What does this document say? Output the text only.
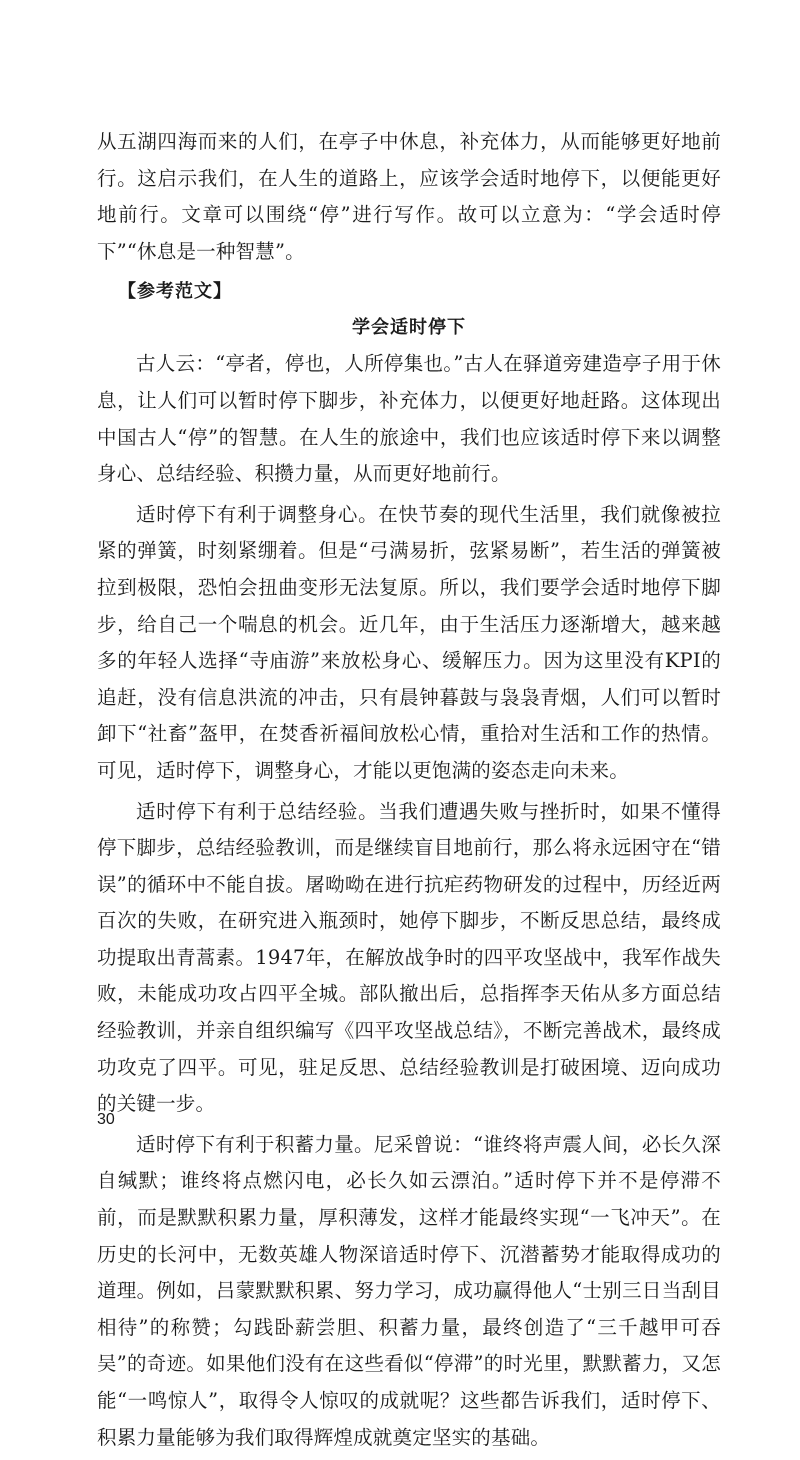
从五湖四海而来的人们，在亭子中休息，补充体力，从而能够更好地前行。这启示我们，在人生的道路上，应该学会适时地停下，以便能更好地前行。文章可以围绕“停”进行写作。故可以立意为：“学会适时停下”“休息是一种智慧”。

【参考范文】

学会适时停下

古人云：“亭者，停也，人所停集也。”古人在驿道旁建造亭子用于休息，让人们可以暂时停下脚步，补充体力，以便更好地赶路。这体现出中国古人“停”的智慧。在人生的旅途中，我们也应该适时停下来以调整身心、总结经验、积攒力量，从而更好地前行。

适时停下有利于调整身心。在快节奏的现代生活里，我们就像被拉紧的弹簧，时刻紧绷着。但是“弓满易折，弦紧易断”，若生活的弹簧被拉到极限，恐怕会扭曲变形无法复原。所以，我们要学会适时地停下脚步，给自己一个喘息的机会。近几年，由于生活压力逐渐增大，越来越多的年轻人选择“寺庙游”来放松身心、缓解压力。因为这里没有KPI的追赶，没有信息洪流的冲击，只有晨钟暮鼓与袅袅青烟，人们可以暂时卸下“社畜”盔甲，在焚香祈福间放松心情，重拾对生活和工作的热情。可见，适时停下，调整身心，才能以更饱满的姿态走向未来。

适时停下有利于总结经验。当我们遭遇失败与挫折时，如果不懂得停下脚步，总结经验教训，而是继续盲目地前行，那么将永远困守在“错误”的循环中不能自拔。屠呦呦在进行抗疟药物研发的过程中，历经近两百次的失败，在研究进入瓶颈时，她停下脚步，不断反思总结，最终成功提取出青蒿素。1947年，在解放战争时的四平攻坚战中，我军作战失败，未能成功攻占四平全城。部队撤出后，总指挥李天佑从多方面总结经验教训，并亲自组织编写《四平攻坚战总结》，不断完善战术，最终成功攻克了四平。可见，驻足反思、总结经验教训是打破困境、迈向成功的关键一步。

适时停下有利于积蓄力量。尼采曾说：“谁终将声震人间，必长久深自缄默；谁终将点燃闪电，必长久如云漂泊。”适时停下并不是停滞不前，而是默默积累力量，厚积薄发，这样才能最终实现“一飞冲天”。在历史的长河中，无数英雄人物深谙适时停下、沉潜蓄势才能取得成功的道理。例如，吕蒙默默积累、努力学习，成功赢得他人“士别三日当刮目相待”的称赞；勾践卧薪尝胆、积蓄力量，最终创造了“三千越甲可吞吴”的奇迹。如果他们没有在这些看似“停滞”的时光里，默默蓄力，又怎能“一鸣惊人”，取得令人惊叹的成就呢？这些都告诉我们，适时停下、积累力量能够为我们取得辉煌成就奠定坚实的基础。

30
